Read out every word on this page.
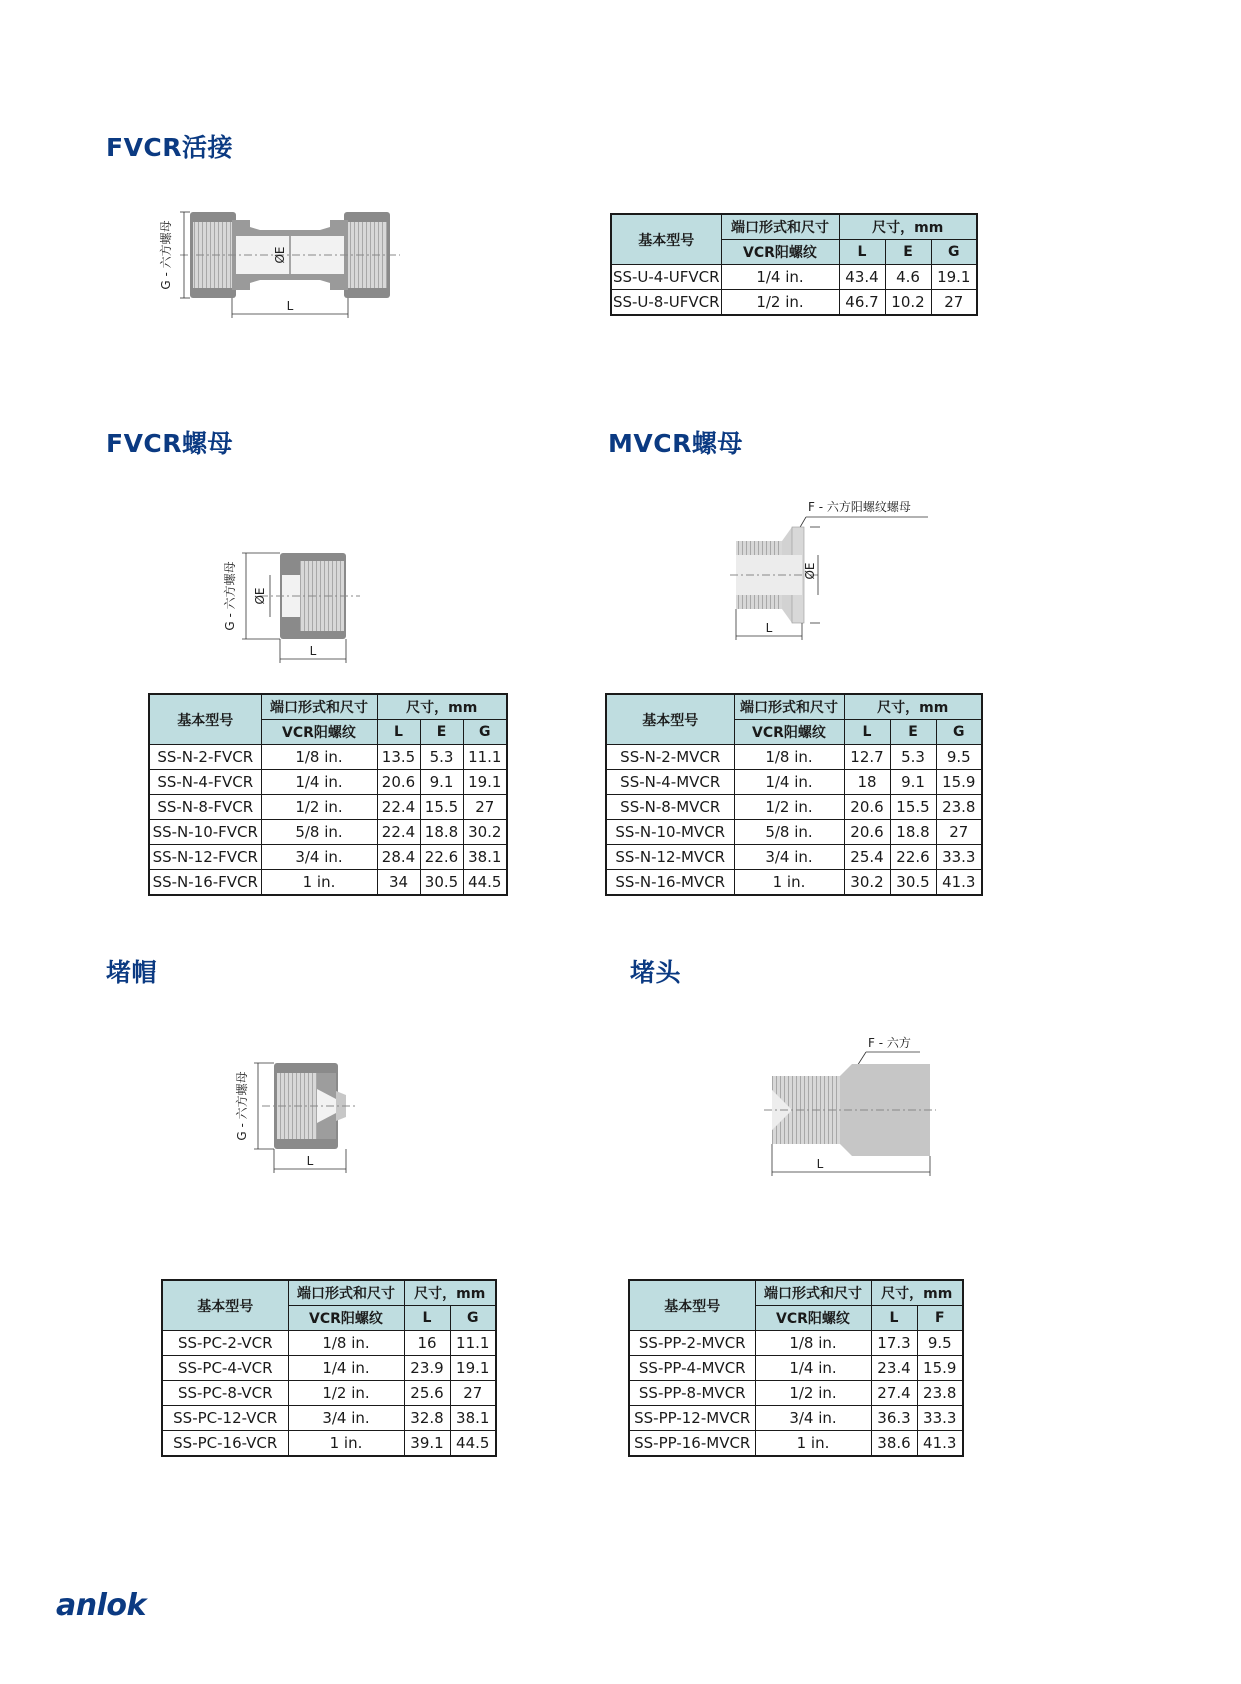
FVCR活接
G - 六方螺母	ØE
L
基本型号	端口形式和尺寸	尺寸，mm		
	VCR阳螺纹	L	E	G
SS-U-4-UFVCR	1/4 in.	43.4	4.6	19.1
SS-U-8-UFVCR	1/2 in.	46.7	10.2	27
FVCR螺母
G - 六方螺母 ØE
L
基本型号	端口形式和尺寸	尺寸，mm		
	VCR阳螺纹	L	E	G
SS-N-2-FVCR	1/8 in.	13.5	5.3	11.1
SS-N-4-FVCR	1/4 in.	20.6	9.1	19.1
SS-N-8-FVCR	1/2 in.	22.4	15.5	27
SS-N-10-FVCR	5/8 in.	22.4	18.8	30.2
SS-N-12-FVCR	3/4 in.	28.4	22.6	38.1
SS-N-16-FVCR	1 in.	34	30.5	44.5
MVCR螺母
F - 六方阳螺纹螺母
ØE
L
基本型号	端口形式和尺寸	尺寸，mm		
	VCR阳螺纹	L	E	G
SS-N-2-MVCR	1/8 in.	12.7	5.3	9.5
SS-N-4-MVCR	1/4 in.	18	9.1	15.9
SS-N-8-MVCR	1/2 in.	20.6	15.5	23.8
SS-N-10-MVCR	5/8 in.	20.6	18.8	27
SS-N-12-MVCR	3/4 in.	25.4	22.6	33.3
SS-N-16-MVCR	1 in.	30.2	30.5	41.3
堵帽
G - 六方螺母
L
基本型号	端口形式和尺寸	尺寸，mm	
	VCR阳螺纹	L	G
SS-PC-2-VCR	1/8 in.	16	11.1
SS-PC-4-VCR	1/4 in.	23.9	19.1
SS-PC-8-VCR	1/2 in.	25.6	27
SS-PC-12-VCR	3/4 in.	32.8	38.1
SS-PC-16-VCR	1 in.	39.1	44.5
堵头
F - 六方
L
基本型号	端口形式和尺寸	尺寸，mm	
	VCR阳螺纹	L	F
SS-PP-2-MVCR	1/8 in.	17.3	9.5
SS-PP-4-MVCR	1/4 in.	23.4	15.9
SS-PP-8-MVCR	1/2 in.	27.4	23.8
SS-PP-12-MVCR	3/4 in.	36.3	33.3
SS-PP-16-MVCR	1 in.	38.6	41.3
anlok
